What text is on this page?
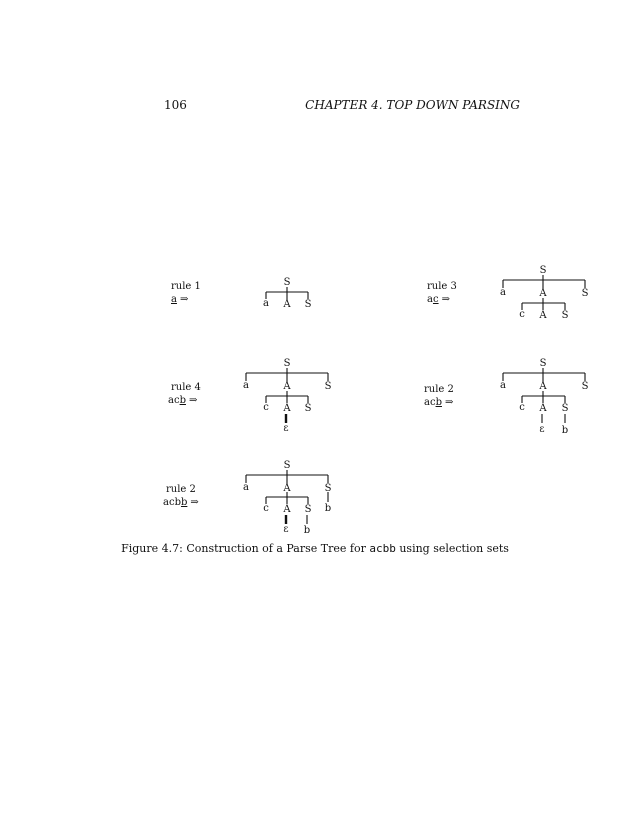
106	CHAPTER 4. TOP DOWN PARSING
rule 1
a ⇒
rule 3
ac ⇒
rule 4
acb ⇒
rule 2
acb ⇒
rule 2
acbb ⇒
S
a A S
S
a	A	S
c A S
S
a	A	S
c A S
ε
S
a	A	S
c A S
ε b
S
a	A	S
c A S b
ε b
Figure 4.7: Construction of a Parse Tree for acbb using selection sets
